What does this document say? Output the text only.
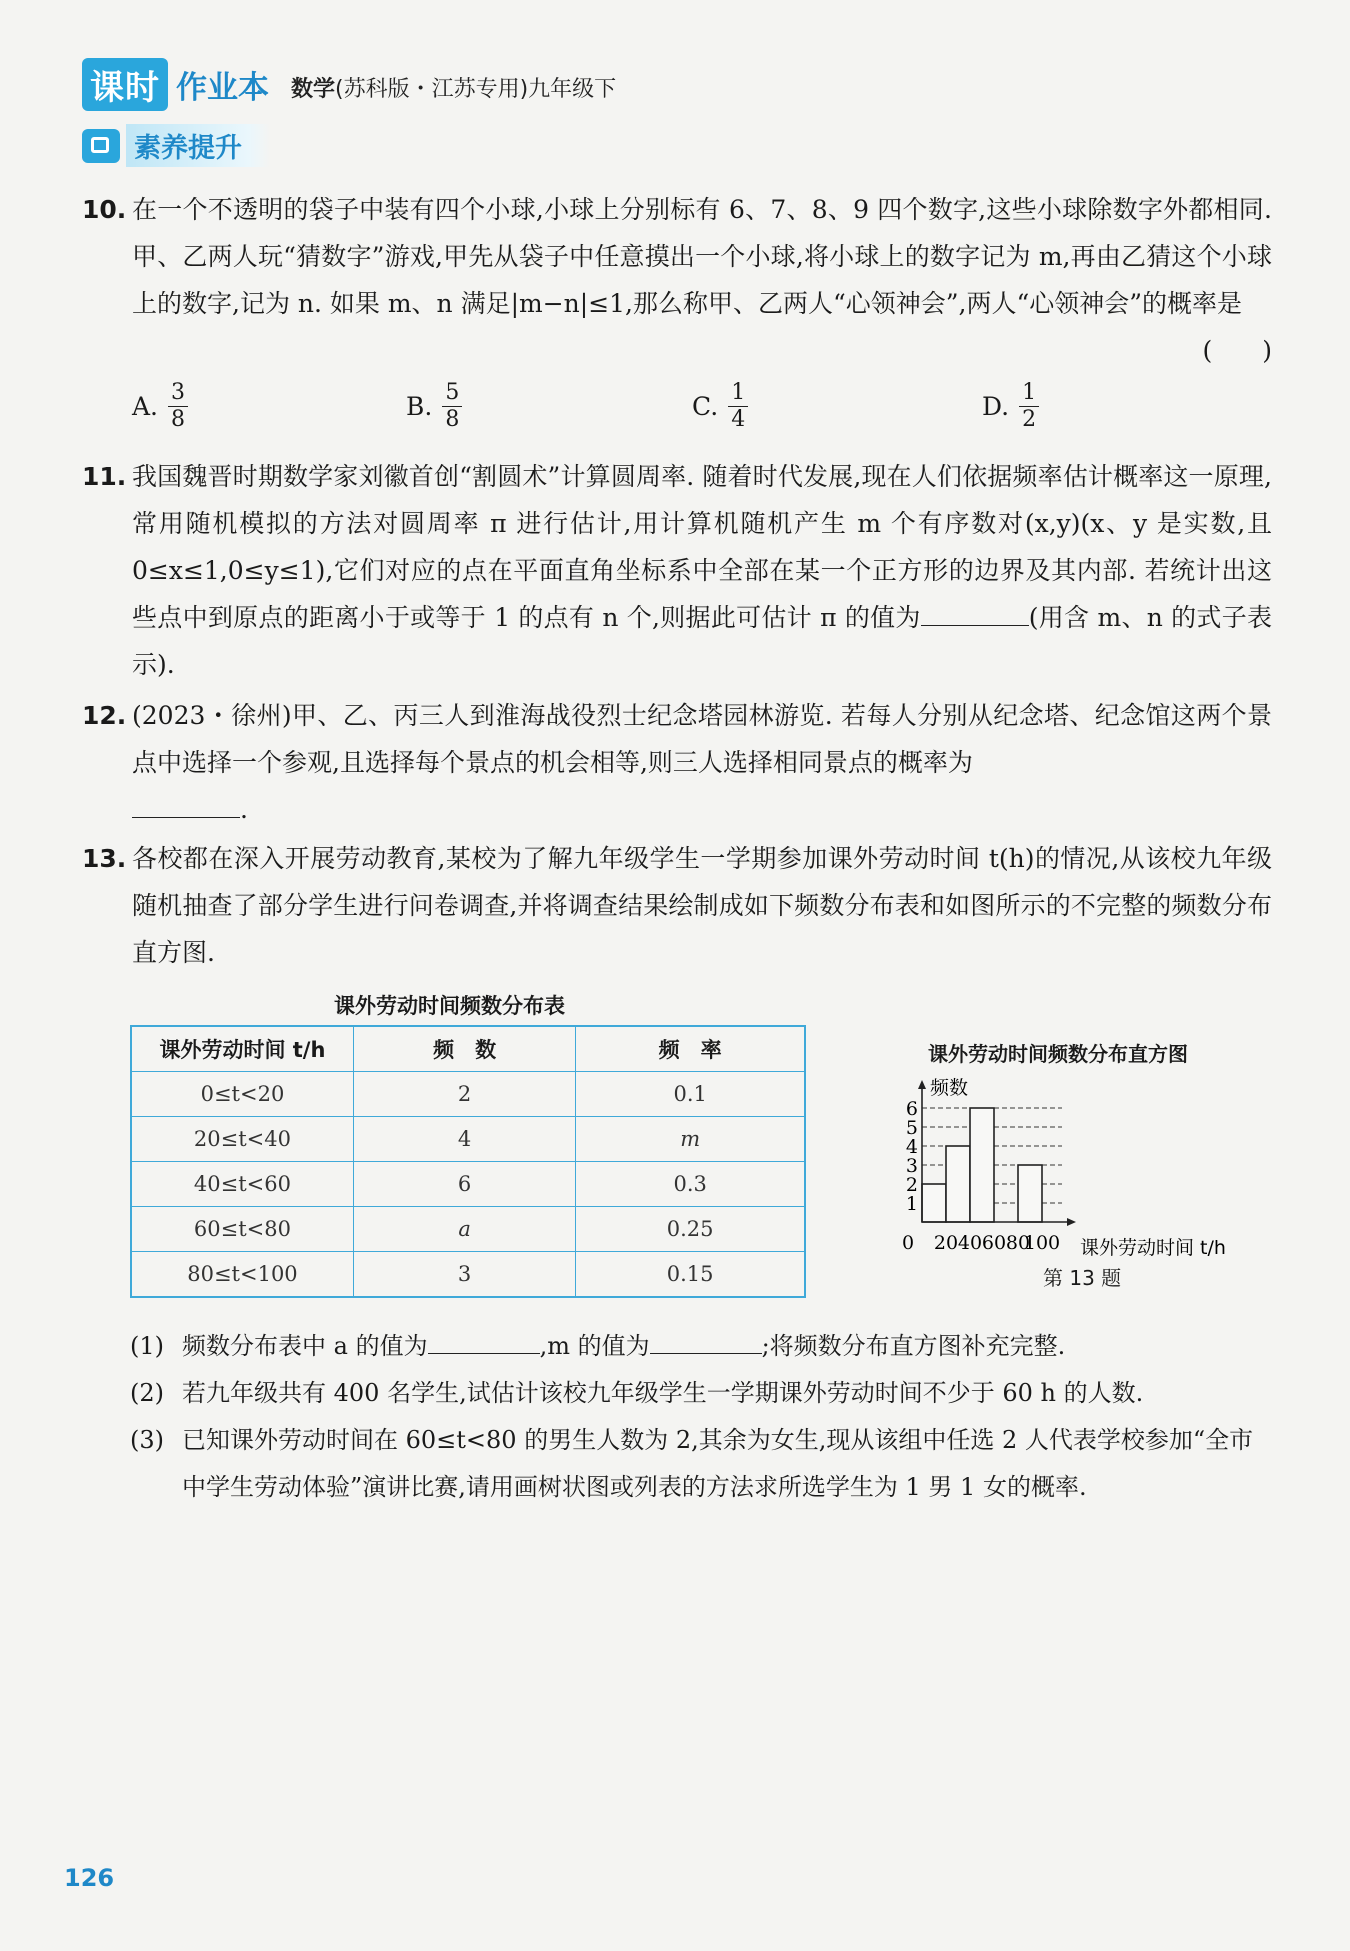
课时 作业本 数学(苏科版・江苏专用)九年级下
素养提升
10. 在一个不透明的袋子中装有四个小球,小球上分别标有 6、7、8、9 四个数字,这些小球除数字外都相同. 甲、乙两人玩“猜数字”游戏,甲先从袋子中任意摸出一个小球,将小球上的数字记为 m,再由乙猜这个小球上的数字,记为 n. 如果 m、n 满足|m−n|≤1,那么称甲、乙两人“心领神会”,两人“心领神会”的概率是
(　　)
A. $\frac{3}{8}$	B. $\frac{5}{8}$	C. $\frac{1}{4}$	D. $\frac{1}{2}$
11. 我国魏晋时期数学家刘徽首创“割圆术”计算圆周率. 随着时代发展,现在人们依据频率估计概率这一原理,常用随机模拟的方法对圆周率 π 进行估计,用计算机随机产生 m 个有序数对(x,y)(x、y 是实数,且 0≤x≤1,0≤y≤1),它们对应的点在平面直角坐标系中全部在某一个正方形的边界及其内部. 若统计出这些点中到原点的距离小于或等于 1 的点有 n 个,则据此可估计 π 的值为	(用含 m、n 的式子表示).
12. (2023・徐州)甲、乙、丙三人到淮海战役烈士纪念塔园林游览. 若每人分别从纪念塔、纪念馆这两个景点中选择一个参观,且选择每个景点的机会相等,则三人选择相同景点的概率为
.
13. 各校都在深入开展劳动教育,某校为了解九年级学生一学期参加课外劳动时间 t(h)的情况,从该校九年级随机抽查了部分学生进行问卷调查,并将调查结果绘制成如下频数分布表和如图所示的不完整的频数分布直方图.
课外劳动时间频数分布表
课外劳动时间 t/h	频　数	频　率
0≤t<20	2	0.1
20≤t<40	4	m
40≤t<60	6	0.3
60≤t<80	a	0.25
80≤t<100	3	0.15
课外劳动时间频数分布直方图
1
2
3
4
5
6
0 20 40 60 80
100
频数
课外劳动时间 t/h
第 13 题
(1) 频数分布表中 a 的值为	,m 的值为	;将频数分布直方图补充完整.
(2) 若九年级共有 400 名学生,试估计该校九年级学生一学期课外劳动时间不少于 60 h 的人数.
(3) 已知课外劳动时间在 60≤t<80 的男生人数为 2,其余为女生,现从该组中任选 2 人代表学校参加“全市中学生劳动体验”演讲比赛,请用画树状图或列表的方法求所选学生为 1 男 1 女的概率.
126
